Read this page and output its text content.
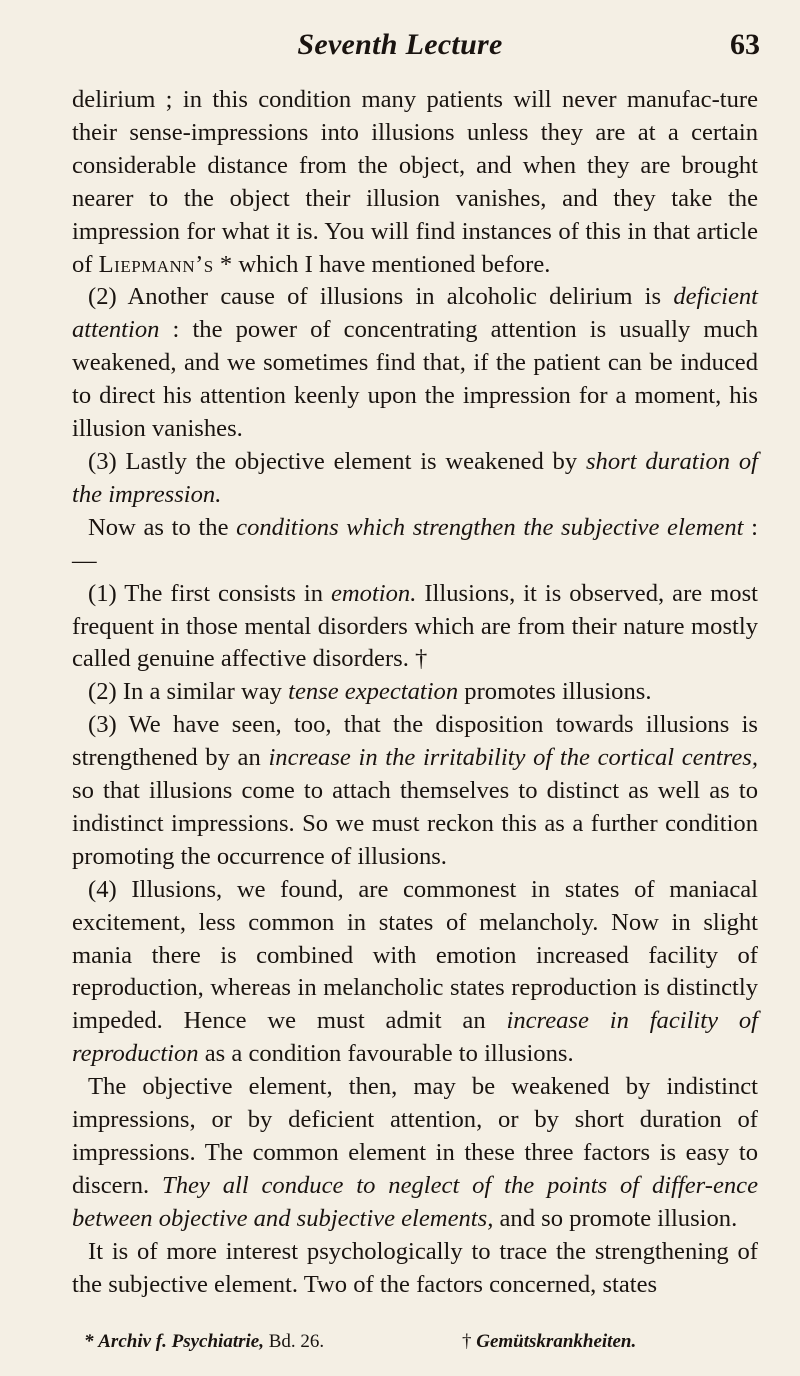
Seventh Lecture	63

delirium ; in this condition many patients will never manufac-ture their sense-impressions into illusions unless they are at a certain considerable distance from the object, and when they are brought nearer to the object their illusion vanishes, and they take the impression for what it is. You will find instances of this in that article of Liepmann’s * which I have mentioned before.

(2) Another cause of illusions in alcoholic delirium is deficient attention : the power of concentrating attention is usually much weakened, and we sometimes find that, if the patient can be induced to direct his attention keenly upon the impression for a moment, his illusion vanishes.

(3) Lastly the objective element is weakened by short duration of the impression.

Now as to the conditions which strengthen the subjective element :—

(1) The first consists in emotion. Illusions, it is observed, are most frequent in those mental disorders which are from their nature mostly called genuine affective disorders. †

(2) In a similar way tense expectation promotes illusions.

(3) We have seen, too, that the disposition towards illusions is strengthened by an increase in the irritability of the cortical centres, so that illusions come to attach themselves to distinct as well as to indistinct impressions. So we must reckon this as a further condition promoting the occurrence of illusions.

(4) Illusions, we found, are commonest in states of maniacal excitement, less common in states of melancholy. Now in slight mania there is combined with emotion increased facility of reproduction, whereas in melancholic states reproduction is distinctly impeded. Hence we must admit an increase in facility of reproduction as a condition favourable to illusions.

The objective element, then, may be weakened by indistinct impressions, or by deficient attention, or by short duration of impressions. The common element in these three factors is easy to discern. They all conduce to neglect of the points of differ-ence between objective and subjective elements, and so promote illusion.

It is of more interest psychologically to trace the strengthening of the subjective element. Two of the factors concerned, states

* Archiv f. Psychiatrie, Bd. 26.	† Gemütskrankheiten.
